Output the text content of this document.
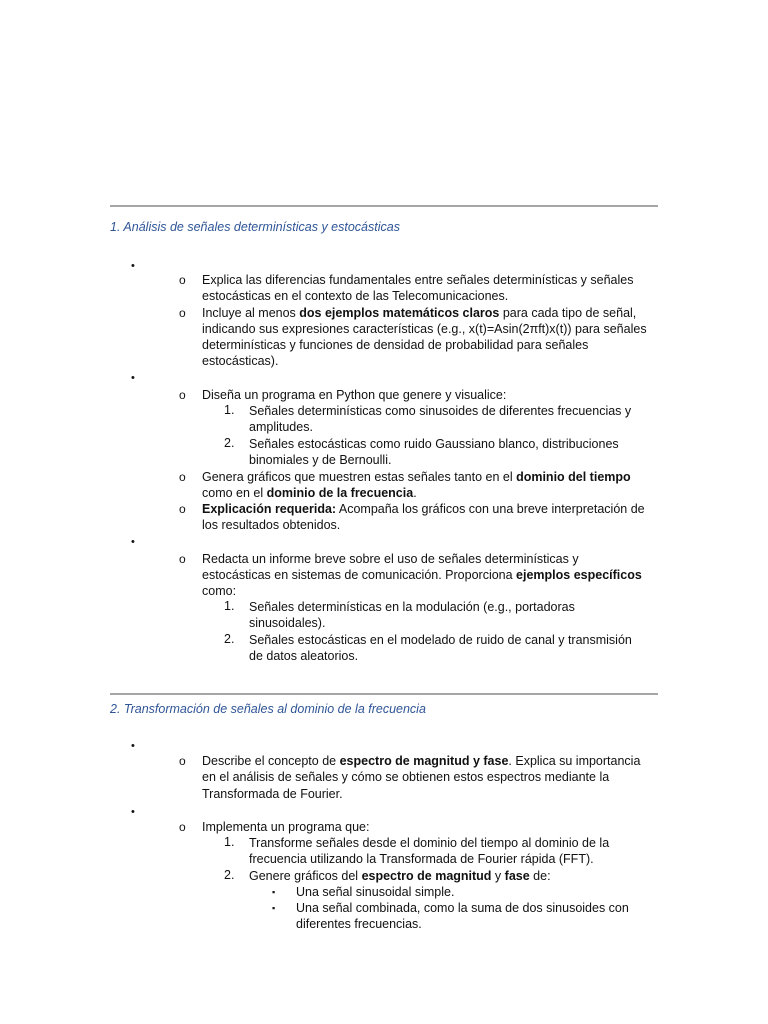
1. Análisis de señales determinísticas y estocásticas
•
o Explica las diferencias fundamentales entre señales determinísticas y señales
estocásticas en el contexto de las Telecomunicaciones.
o Incluye al menos dos ejemplos matemáticos claros para cada tipo de señal,
indicando sus expresiones características (e.g., x(t)=Asin(2πft)x(t)) para señales
determinísticas y funciones de densidad de probabilidad para señales
estocásticas).
•
o Diseña un programa en Python que genere y visualice:
1. Señales determinísticas como sinusoides de diferentes frecuencias y
amplitudes.
2. Señales estocásticas como ruido Gaussiano blanco, distribuciones
binomiales y de Bernoulli.
o Genera gráficos que muestren estas señales tanto en el dominio del tiempo
como en el dominio de la frecuencia.
o Explicación requerida: Acompaña los gráficos con una breve interpretación de
los resultados obtenidos.
•
o Redacta un informe breve sobre el uso de señales determinísticas y
estocásticas en sistemas de comunicación. Proporciona ejemplos específicos
como:
1. Señales determinísticas en la modulación (e.g., portadoras
sinusoidales).
2. Señales estocásticas en el modelado de ruido de canal y transmisión
de datos aleatorios.
2. Transformación de señales al dominio de la frecuencia
•
o Describe el concepto de espectro de magnitud y fase. Explica su importancia
en el análisis de señales y cómo se obtienen estos espectros mediante la
Transformada de Fourier.
•
o Implementa un programa que:
1. Transforme señales desde el dominio del tiempo al dominio de la
frecuencia utilizando la Transformada de Fourier rápida (FFT).
2. Genere gráficos del espectro de magnitud y fase de:
▪ Una señal sinusoidal simple.
▪ Una señal combinada, como la suma de dos sinusoides con
diferentes frecuencias.
